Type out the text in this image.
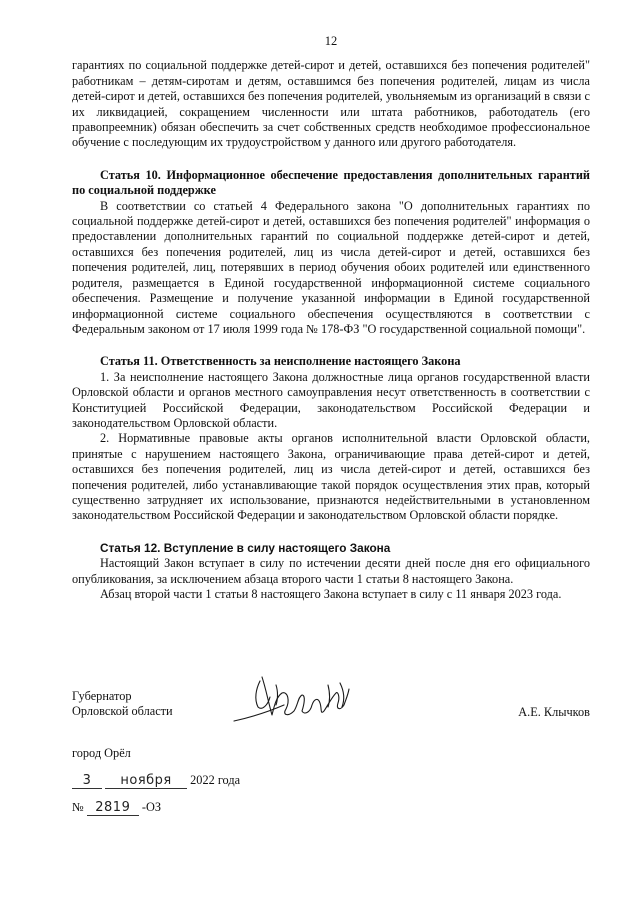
12

гарантиях по социальной поддержке детей-сирот и детей, оставшихся без попечения родителей" работникам – детям-сиротам и детям, оставшимся без попечения родителей, лицам из числа детей-сирот и детей, оставшихся без попечения родителей, увольняемым из организаций в связи с их ликвидацией, сокращением численности или штата работников, работодатель (его правопреемник) обязан обеспечить за счет собственных средств необходимое профессиональное обучение с последующим их трудоустройством у данного или другого работодателя.

Статья 10. Информационное обеспечение предоставления дополнительных гарантий по социальной поддержке

В соответствии со статьей 4 Федерального закона "О дополнительных гарантиях по социальной поддержке детей-сирот и детей, оставшихся без попечения родителей" информация о предоставлении дополнительных гарантий по социальной поддержке детей-сирот и детей, оставшихся без попечения родителей, лиц из числа детей-сирот и детей, оставшихся без попечения родителей, лиц, потерявших в период обучения обоих родителей или единственного родителя, размещается в Единой государственной информационной системе социального обеспечения. Размещение и получение указанной информации в Единой государственной информационной системе социального обеспечения осуществляются в соответствии с Федеральным законом от 17 июля 1999 года № 178-ФЗ "О государственной социальной помощи".

Статья 11. Ответственность за неисполнение настоящего Закона

1. За неисполнение настоящего Закона должностные лица органов государственной власти Орловской области и органов местного самоуправления несут ответственность в соответствии с Конституцией Российской Федерации, законодательством Российской Федерации и законодательством Орловской области.

2. Нормативные правовые акты органов исполнительной власти Орловской области, принятые с нарушением настоящего Закона, ограничивающие права детей-сирот и детей, оставшихся без попечения родителей, лиц из числа детей-сирот и детей, оставшихся без попечения родителей, либо устанавливающие такой порядок осуществления этих прав, который существенно затрудняет их использование, признаются недействительными в установленном законодательством Российской Федерации и законодательством Орловской области порядке.

Статья 12. Вступление в силу настоящего Закона

Настоящий Закон вступает в силу по истечении десяти дней после дня его официального опубликования, за исключением абзаца второго части 1 статьи 8 настоящего Закона.

Абзац второй части 1 статьи 8 настоящего Закона вступает в силу с 11 января 2023 года.

Губернатор
Орловской области	А.Е. Клычков
город Орёл
3 ноября 2022 года
№ 2819 -ОЗ
